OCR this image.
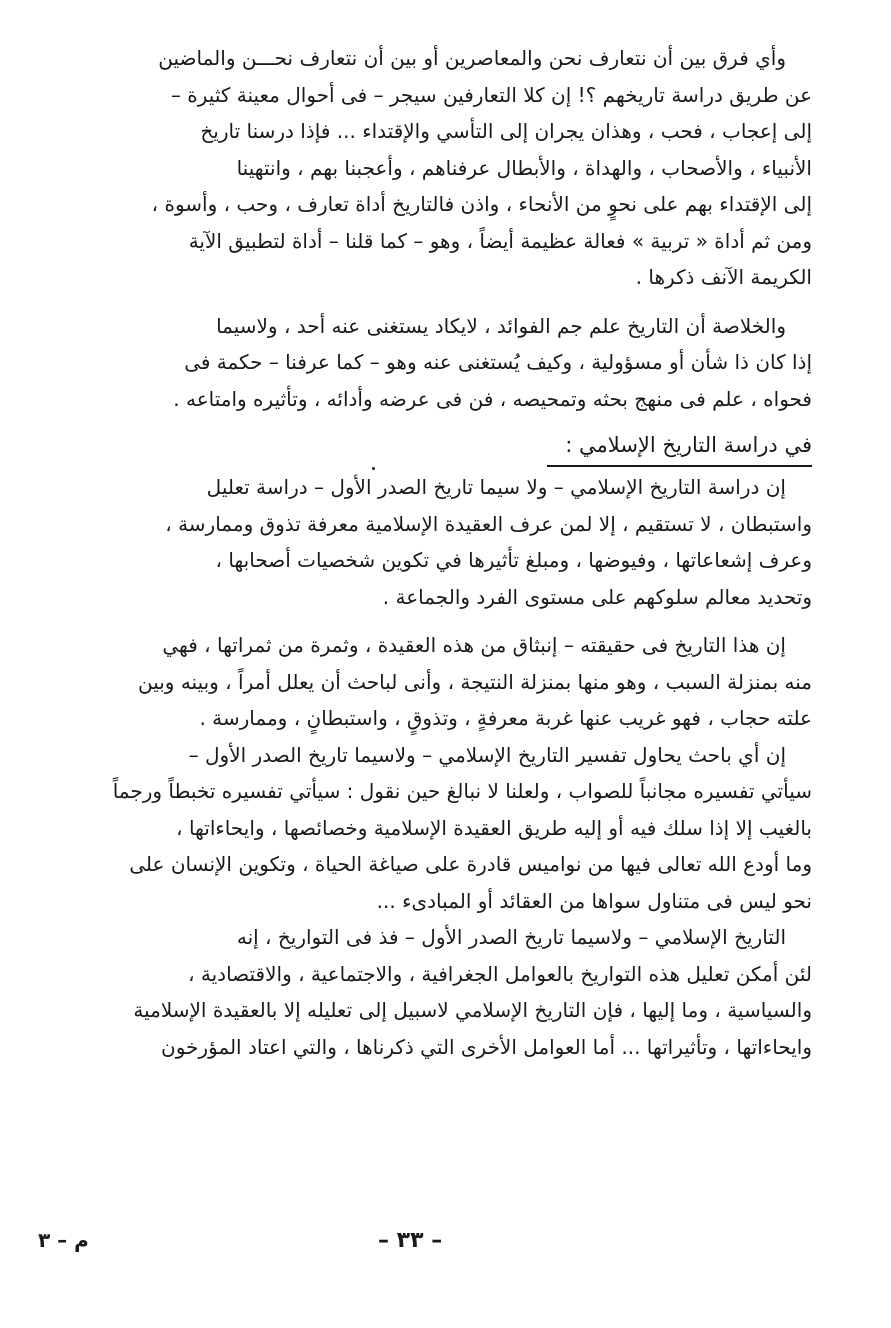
وأي فرق بين أن نتعارف نحن والمعاصرين أو بين أن نتعارف نحـــن والماضين
عن طريق دراسة تاريخهم ؟! إن كلا التعارفين سيجر – فى أحوال معينة كثيرة –
إلى إعجاب ، فحب ، وهذان يجران إلى التأسي والإقتداء ... فإذا درسنا تاريخ
الأنبياء ، والأصحاب ، والهداة ، والأبطال عرفناهم ، وأعجبنا بهم ، وانتهينا
إلى الإقتداء بهم على نحوٍ من الأنحاء ، واذن فالتاريخ أداة تعارف ، وحب ، وأسوة ،
ومن ثم أداة « تربية » فعالة عظيمة أيضاً ، وهو – كما قلنا – أداة لتطبيق الآية
الكريمة الآنف ذكرها .

والخلاصة أن التاريخ علم جم الفوائد ، لايكاد يستغنى عنه أحد ، ولاسيما
إذا كان ذا شأن أو مسؤولية ، وكيف يُستغنى عنه وهو – كما عرفنا – حكمة فى
فحواه ، علم فى منهج بحثه وتمحيصه ، فن فى عرضه وأدائه ، وتأثيره وامتاعه .

في دراسة التاريخ الإسلامي :

إن دراسة التاريخ الإسلامي – ولا سيما تاريخ الصدر الأول – دراسة تعليل
واستبطان ، لا تستقيم ، إلا لمن عرف العقيدة الإسلامية معرفة تذوق وممارسة ،
وعرف إشعاعاتها ، وفيوضها ، ومبلغ تأثيرها في تكوين شخصيات أصحابها ،
وتحديد معالم سلوكهم على مستوى الفرد والجماعة .

إن هذا التاريخ فى حقيقته – إنبثاق من هذه العقيدة ، وثمرة من ثمراتها ، فهي
منه بمنزلة السبب ، وهو منها بمنزلة النتيجة ، وأنى لباحث أن يعلل أمراً ، وبينه وبين
علته حجاب ، فهو غريب عنها غربة معرفةٍ ، وتذوقٍ ، واستبطانٍ ، وممارسة .

إن أي باحث يحاول تفسير التاريخ الإسلامي – ولاسيما تاريخ الصدر الأول –
سيأتي تفسيره مجانباً للصواب ، ولعلنا لا نبالغ حين نقول : سيأتي تفسيره تخبطاً ورجماً
بالغيب إلا إذا سلك فيه أو إليه طريق العقيدة الإسلامية وخصائصها ، وايحاءاتها ،
وما أودع الله تعالى فيها من نواميس قادرة على صياغة الحياة ، وتكوين الإنسان على
نحو ليس فى متناول سواها من العقائد أو المبادىء ...

التاريخ الإسلامي – ولاسيما تاريخ الصدر الأول – فذ فى التواريخ ، إنه
لئن أمكن تعليل هذه التواريخ بالعوامل الجغرافية ، والاجتماعية ، والاقتصادية ،
والسياسية ، وما إليها ، فإن التاريخ الإسلامي لاسبيل إلى تعليله إلا بالعقيدة الإسلامية
وايحاءاتها ، وتأثيراتها ... أما العوامل الأخرى التي ذكرناها ، والتي اعتاد المؤرخون

– ٣٣ –
م – ٣
